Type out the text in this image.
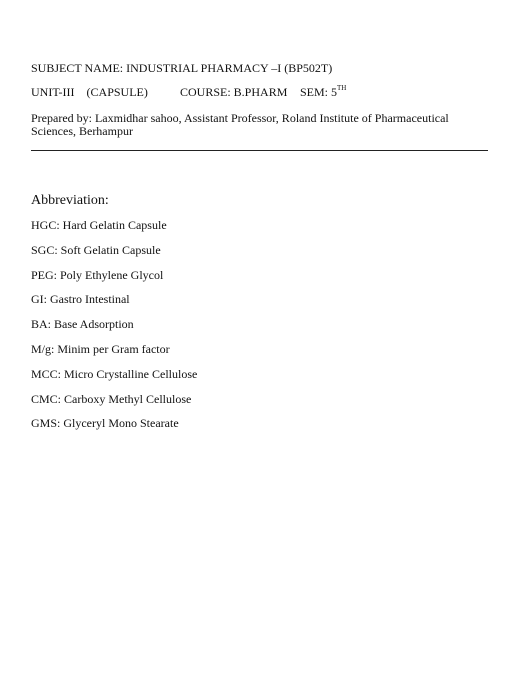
SUBJECT NAME: INDUSTRIAL PHARMACY –I (BP502T)
UNIT-III    (CAPSULE)	COURSE: B.PHARM SEM: 5TH
Prepared by: Laxmidhar sahoo, Assistant Professor, Roland Institute of Pharmaceutical Sciences, Berhampur
Abbreviation:
HGC: Hard Gelatin Capsule
SGC: Soft Gelatin Capsule
PEG: Poly Ethylene Glycol
GI: Gastro Intestinal
BA: Base Adsorption
M/g: Minim per Gram factor
MCC: Micro Crystalline Cellulose
CMC: Carboxy Methyl Cellulose
GMS: Glyceryl Mono Stearate
